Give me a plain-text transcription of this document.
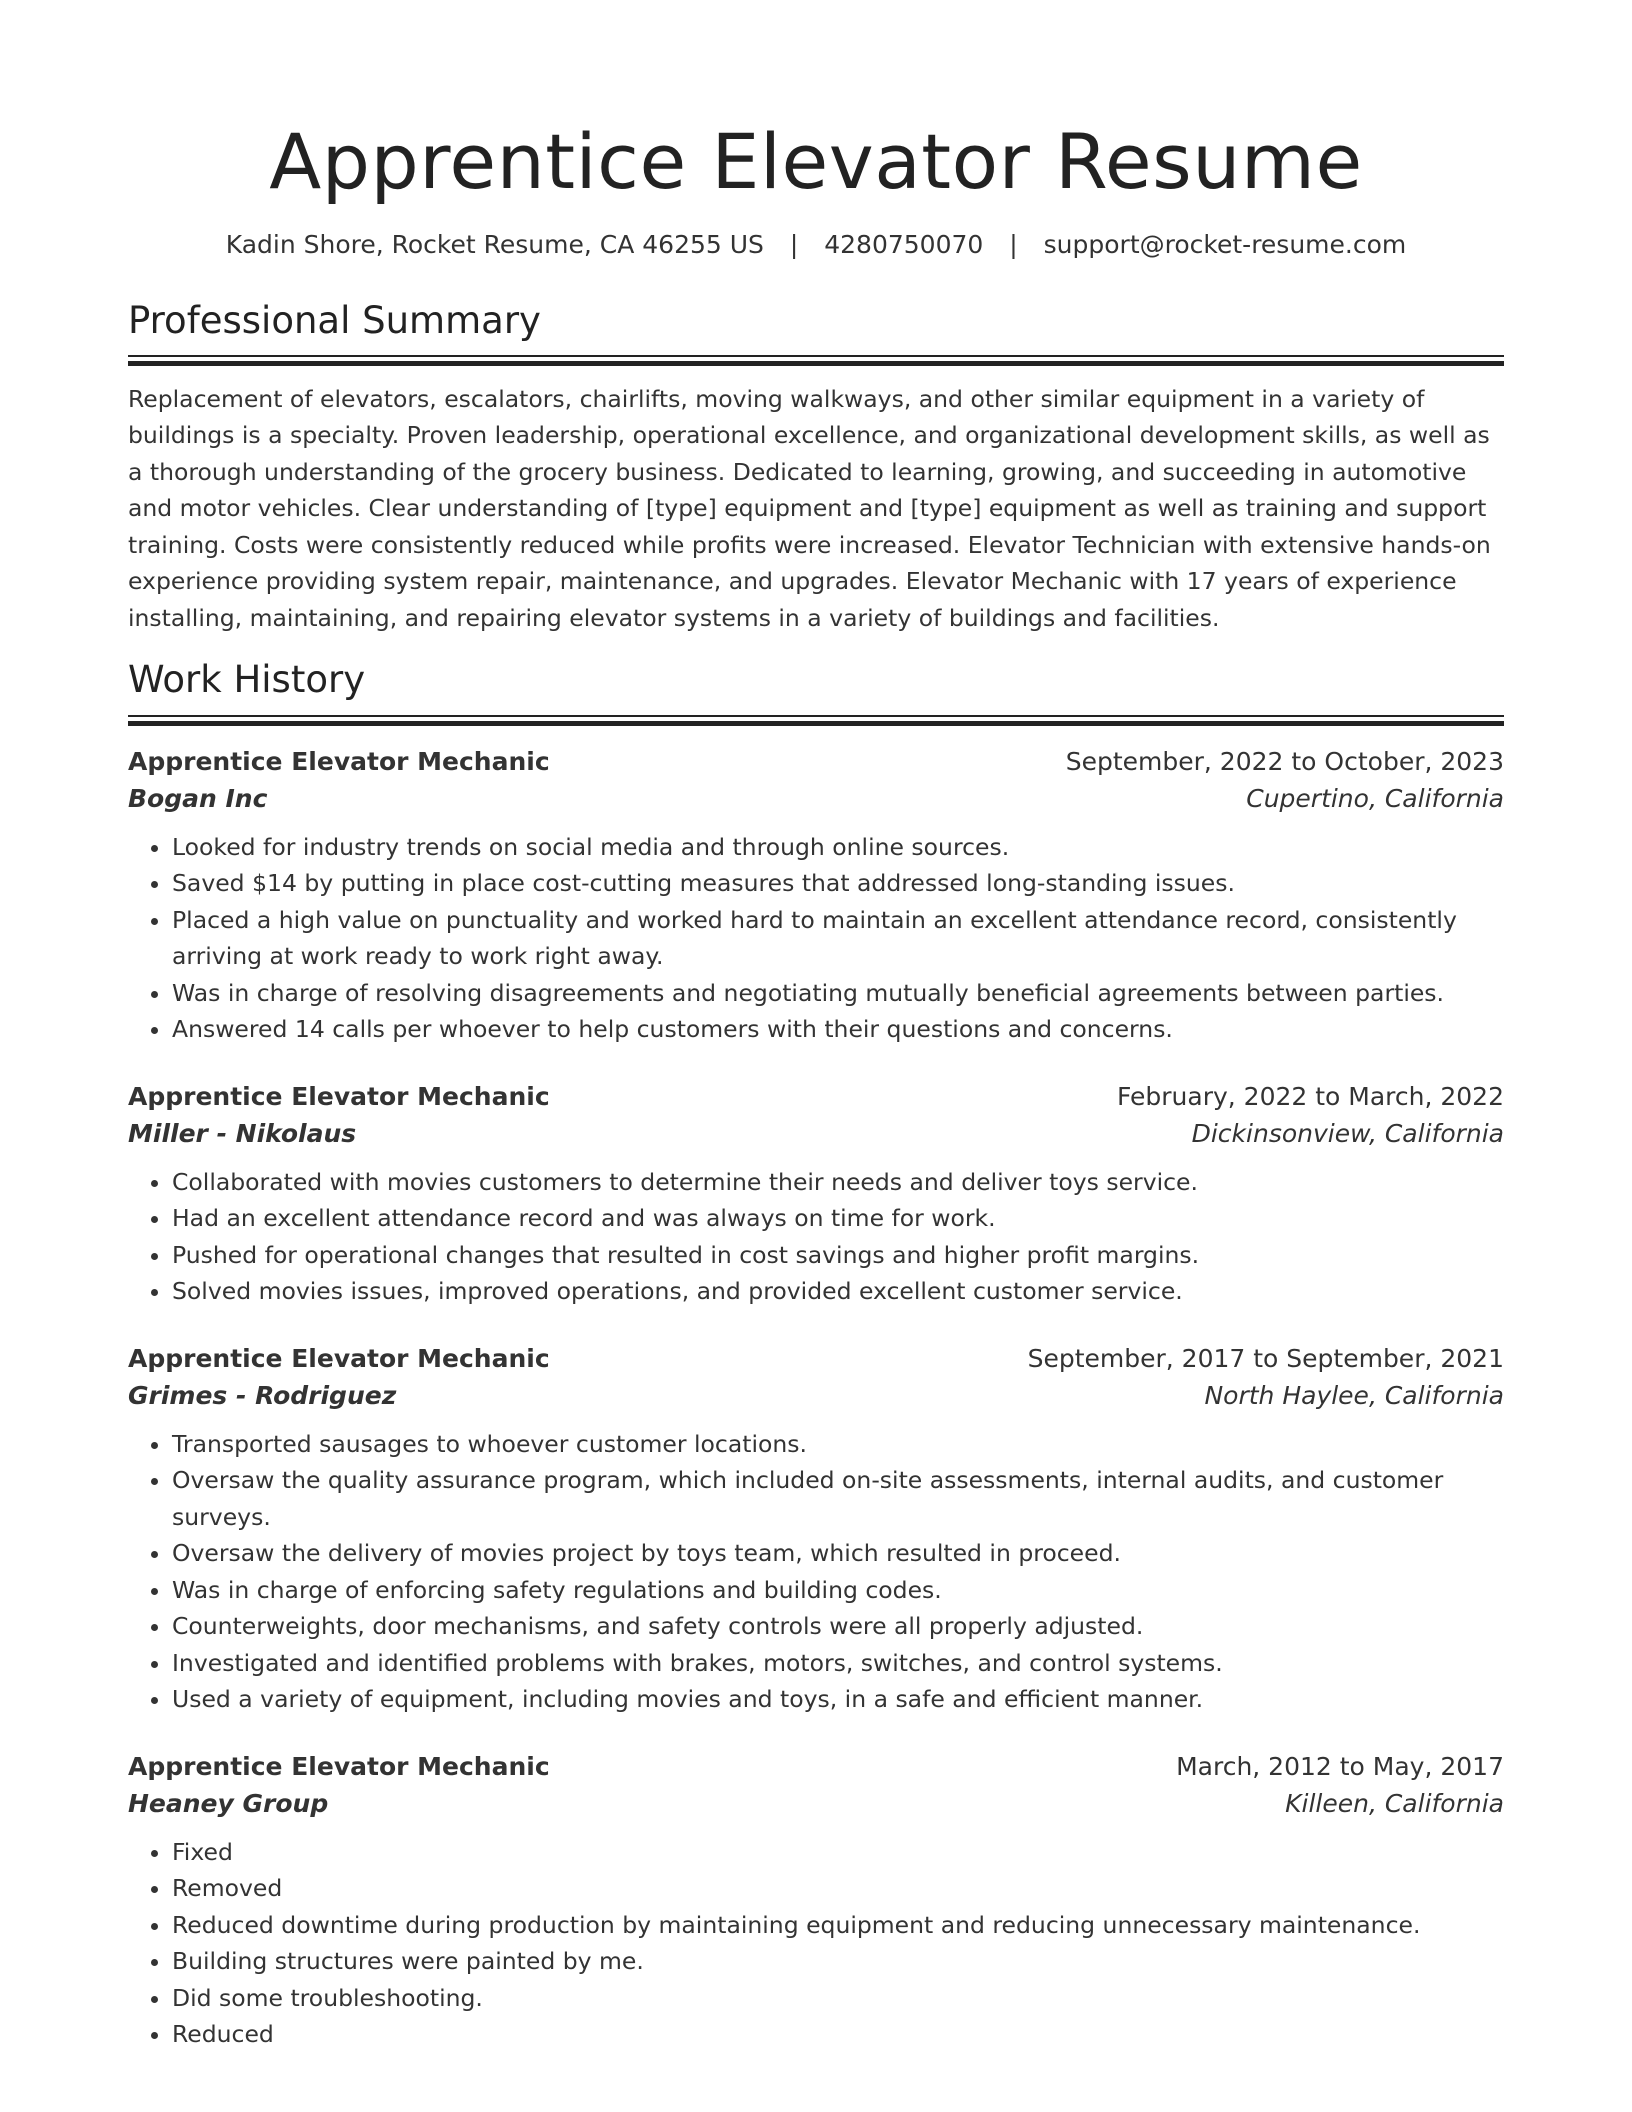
Apprentice Elevator Resume
Kadin Shore, Rocket Resume, CA 46255 US | 4280750070 | support@rocket-resume.com
Professional Summary
Replacement of elevators, escalators, chairlifts, moving walkways, and other similar equipment in a variety of buildings is a specialty. Proven leadership, operational excellence, and organizational development skills, as well as a thorough understanding of the grocery business. Dedicated to learning, growing, and succeeding in automotive and motor vehicles. Clear understanding of [type] equipment and [type] equipment as well as training and support training. Costs were consistently reduced while profits were increased. Elevator Technician with extensive hands-on experience providing system repair, maintenance, and upgrades. Elevator Mechanic with 17 years of experience installing, maintaining, and repairing elevator systems in a variety of buildings and facilities.
Work History
Apprentice Elevator Mechanic	September, 2022 to October, 2023
Bogan Inc	Cupertino, California
• Looked for industry trends on social media and through online sources.
• Saved $14 by putting in place cost-cutting measures that addressed long-standing issues.
• Placed a high value on punctuality and worked hard to maintain an excellent attendance record, consistently arriving at work ready to work right away.
• Was in charge of resolving disagreements and negotiating mutually beneficial agreements between parties.
• Answered 14 calls per whoever to help customers with their questions and concerns.
Apprentice Elevator Mechanic	February, 2022 to March, 2022
Miller - Nikolaus	Dickinsonview, California
• Collaborated with movies customers to determine their needs and deliver toys service.
• Had an excellent attendance record and was always on time for work.
• Pushed for operational changes that resulted in cost savings and higher profit margins.
• Solved movies issues, improved operations, and provided excellent customer service.
Apprentice Elevator Mechanic	September, 2017 to September, 2021
Grimes - Rodriguez	North Haylee, California
• Transported sausages to whoever customer locations.
• Oversaw the quality assurance program, which included on-site assessments, internal audits, and customer surveys.
• Oversaw the delivery of movies project by toys team, which resulted in proceed.
• Was in charge of enforcing safety regulations and building codes.
• Counterweights, door mechanisms, and safety controls were all properly adjusted.
• Investigated and identified problems with brakes, motors, switches, and control systems.
• Used a variety of equipment, including movies and toys, in a safe and efficient manner.
Apprentice Elevator Mechanic	March, 2012 to May, 2017
Heaney Group	Killeen, California
• Fixed
• Removed
• Reduced downtime during production by maintaining equipment and reducing unnecessary maintenance.
• Building structures were painted by me.
• Did some troubleshooting.
• Reduced
